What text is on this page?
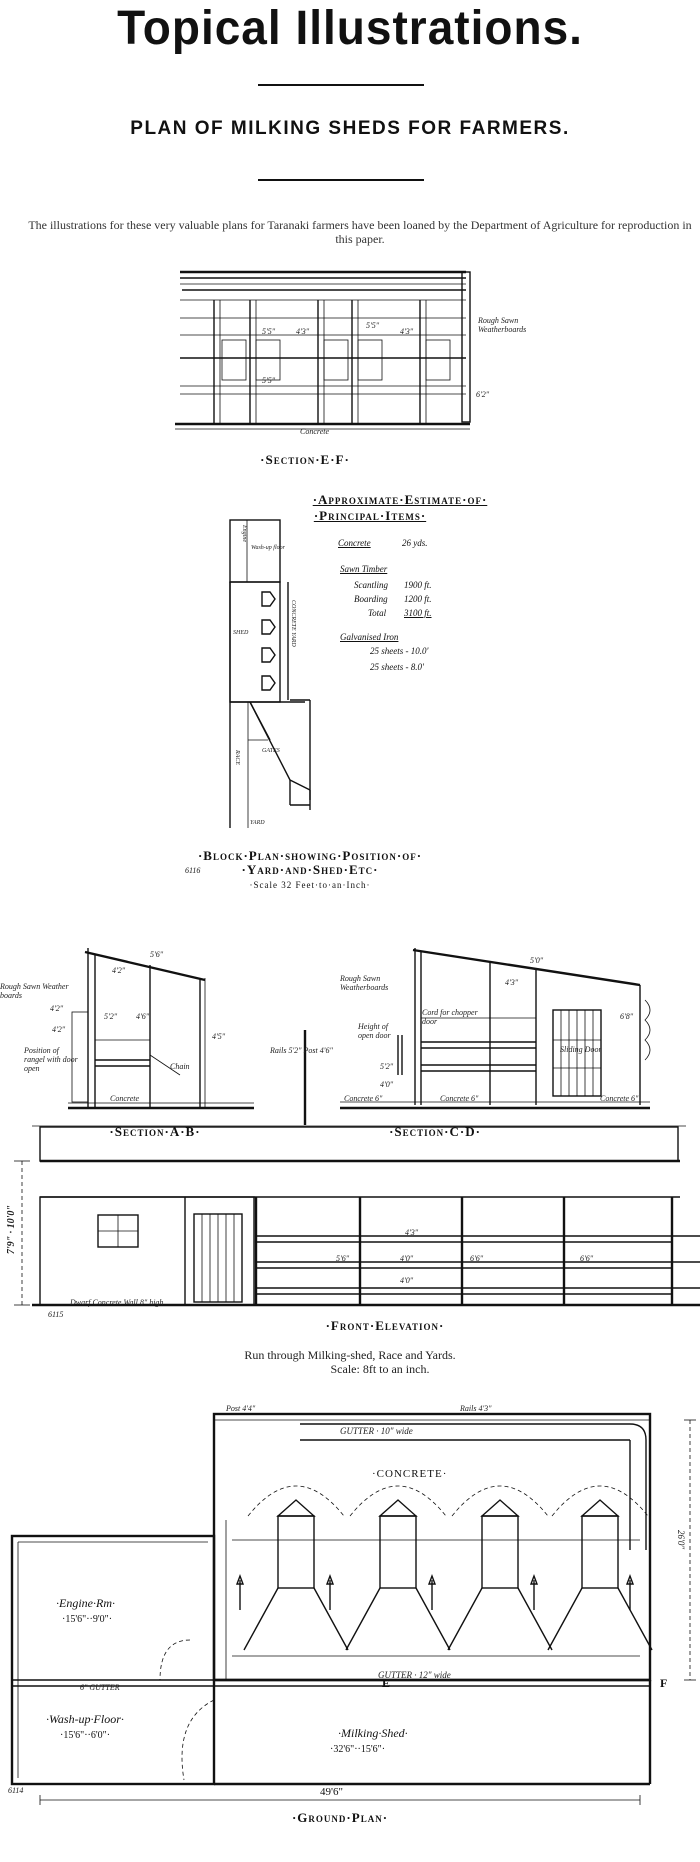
Topical Illustrations.
PLAN OF MILKING SHEDS FOR FARMERS.
The illustrations for these very valuable plans for Taranaki farmers have been loaned by the Department of Agriculture for reproduction in this paper.
Rough Sawn Weatherboards
5'5"	4'3"
5'5"
4'3"
5'5"
6'2"
Concrete
·Section·E·F·
Engine
Wash-up floor
SHED	CONCRETE YARD
RACE	GATES
YARD
·Approximate·Estimate·of·
·Principal·Items·
Concrete	26 yds.
Sawn Timber
Scantling 1900 ft.
Boarding 1200 ft.
Total 3100 ft.
Galvanised Iron
25 sheets - 10.0'
25 sheets - 8.0'
·Block·Plan·showing·Position·of·
6116	·Yard·and·Shed·Etc·
·Scale 32 Feet·to·an·Inch·
Rough Sawn Weather boards
5'6"
4'2"
4'2"
5'2" 4'6"
4'5"
4'2"
Position of rangel with door open	Chain
Concrete
·Section·A·B·
Rough Sawn Weatherboards
5'0"
4'3"
6'8"
Rails 5'2" Post 4'6"
Height of open door
Cord for chopper door
Sliding Door
Concrete 6"	Concrete 6"	Concrete 6"
5'2"
4'0"
·Section·C·D·
7'9" · 10'0"	4'3"
5'6"	4'0"	6'6"
4'0"
6'6"
Dwarf Concrete Wall 8" high
6115
·Front·Elevation·
Run through Milking-shed, Race and Yards.
Scale: 8ft to an inch.
Post 4'4"	Rails 4'3"
GUTTER · 10" wide
·CONCRETE·
·Engine·Rm·
·15'6"··9'0"·
6" GUTTER
GUTTER · 12" wide
E	F
·Wash-up·Floor·
·15'6"··6'0"·	·Milking·Shed·
·32'6"··15'6"·
49'6"
26'0"
6114
·Ground·Plan·
